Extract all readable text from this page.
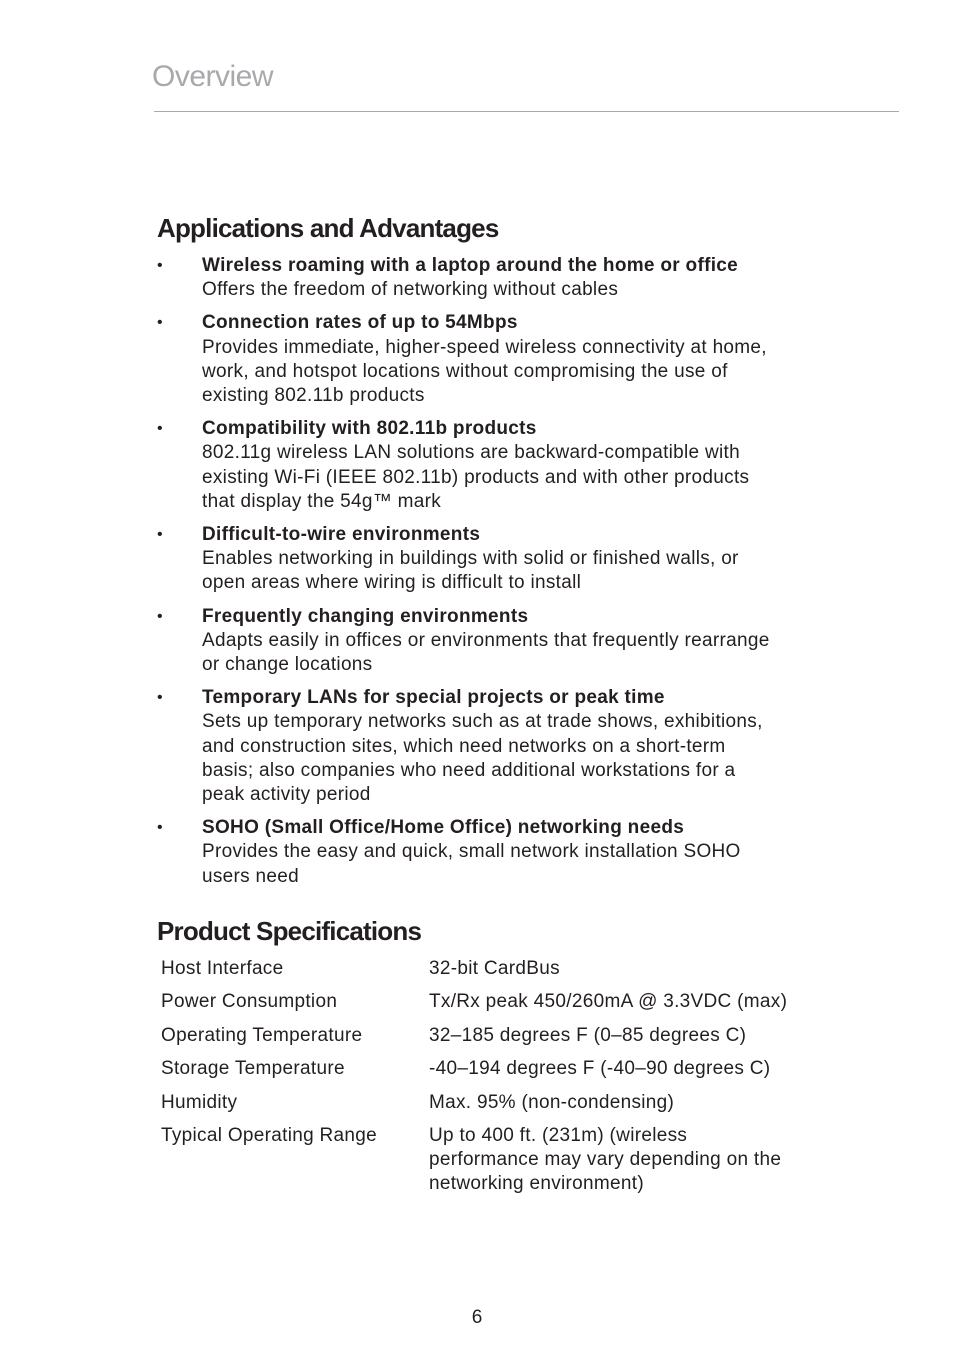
Overview
Applications and Advantages
• Wireless roaming with a laptop around the home or office
Offers the freedom of networking without cables
• Connection rates of up to 54Mbps
Provides immediate, higher-speed wireless connectivity at home,
work, and hotspot locations without compromising the use of
existing 802.11b products
• Compatibility with 802.11b products
802.11g wireless LAN solutions are backward-compatible with
existing Wi-Fi (IEEE 802.11b) products and with other products
that display the 54g™ mark
• Difficult-to-wire environments
Enables networking in buildings with solid or finished walls, or
open areas where wiring is difficult to install
• Frequently changing environments
Adapts easily in offices or environments that frequently rearrange
or change locations
• Temporary LANs for special projects or peak time
Sets up temporary networks such as at trade shows, exhibitions,
and construction sites, which need networks on a short-term
basis; also companies who need additional workstations for a
peak activity period
• SOHO (Small Office/Home Office) networking needs
Provides the easy and quick, small network installation SOHO
users need
Product Specifications
Host Interface	32-bit CardBus
Power Consumption	Tx/Rx peak 450/260mA @ 3.3VDC (max)
Operating Temperature	32–185 degrees F (0–85 degrees C)
Storage Temperature	-40–194 degrees F (-40–90 degrees C)
Humidity	Max. 95% (non-condensing)
Typical Operating Range	Up to 400 ft. (231m) (wireless
performance may vary depending on the
networking environment)
6
